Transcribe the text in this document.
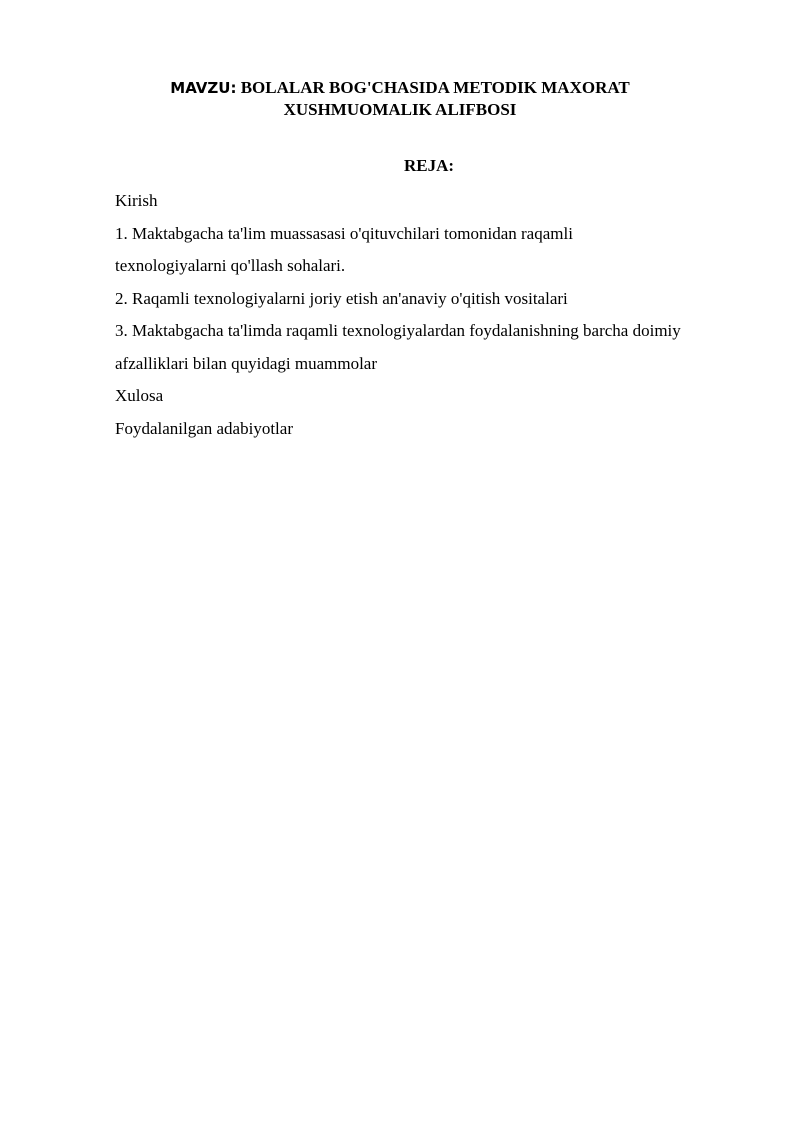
MAVZU: BOLALAR BOG'CHASIDA METODIK MAXORAT
XUSHMUOMALIK ALIFBOSI
REJA:
Kirish
1. Maktabgacha ta'lim muassasasi o'qituvchilari tomonidan raqamli
texnologiyalarni qo'llash sohalari.
2. Raqamli texnologiyalarni joriy etish an'anaviy o'qitish vositalari
3. Maktabgacha ta'limda raqamli texnologiyalardan foydalanishning barcha doimiy
afzalliklari bilan quyidagi muammolar
Xulosa
Foydalanilgan adabiyotlar
